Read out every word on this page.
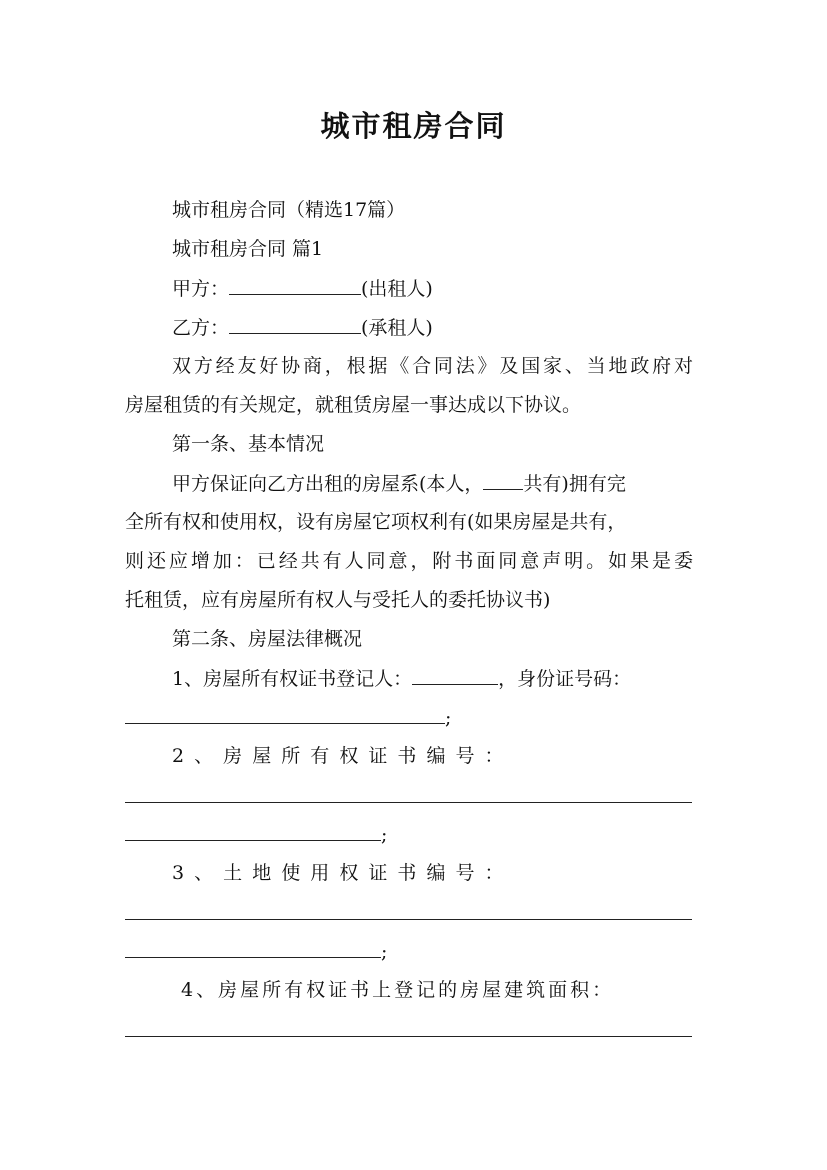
城市租房合同
城市租房合同（精选17篇）
城市租房合同 篇1
甲方：	(出租人)
乙方：	(承租人)
双方经友好协商，根据《合同法》及国家、当地政府对
房屋租赁的有关规定，就租赁房屋一事达成以下协议。
第一条、基本情况
甲方保证向乙方出租的房屋系(本人， 共有)拥有完
全所有权和使用权，设有房屋它项权利有(如果房屋是共有，
则还应增加：已经共有人同意，附书面同意声明。如果是委
托租赁，应有房屋所有权人与受托人的委托协议书)
第二条、房屋法律概况
1、房屋所有权证书登记人：	，身份证号码：
;
2 、 房 屋 所 有 权 证 书 编 号 ：
;
3 、 土 地 使 用 权 证 书 编 号 ：
;
4、房屋所有权证书上登记的房屋建筑面积：
